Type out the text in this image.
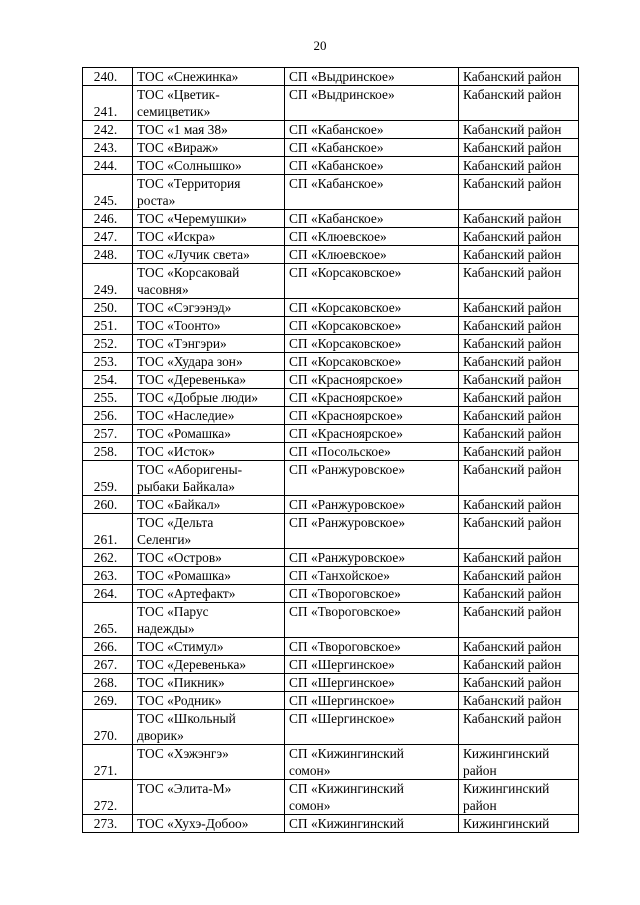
20
240.	ТОС «Снежинка»	СП «Выдринское»	Кабанский район
241.	ТОС «Цветик-
семицветик»	СП «Выдринское»	Кабанский район
242.	ТОС «1 мая 38»	СП «Кабанское»	Кабанский район
243.	ТОС «Вираж»	СП «Кабанское»	Кабанский район
244.	ТОС «Солнышко»	СП «Кабанское»	Кабанский район
245.	ТОС «Территория
роста»	СП «Кабанское»	Кабанский район
246.	ТОС «Черемушки»	СП «Кабанское»	Кабанский район
247.	ТОС «Искра»	СП «Клюевское»	Кабанский район
248.	ТОС «Лучик света»	СП «Клюевское»	Кабанский район
249.	ТОС «Корсаковай
часовня»	СП «Корсаковское»	Кабанский район
250.	ТОС «Сэгээнэд»	СП «Корсаковское»	Кабанский район
251.	ТОС «Тоонто»	СП «Корсаковское»	Кабанский район
252.	ТОС «Тэнгэри»	СП «Корсаковское»	Кабанский район
253.	ТОС «Худара зон»	СП «Корсаковское»	Кабанский район
254.	ТОС «Деревенька»	СП «Красноярское»	Кабанский район
255.	ТОС «Добрые люди»	СП «Красноярское»	Кабанский район
256.	ТОС «Наследие»	СП «Красноярское»	Кабанский район
257.	ТОС «Ромашка»	СП «Красноярское»	Кабанский район
258.	ТОС «Исток»	СП «Посольское»	Кабанский район
259.	ТОС «Аборигены-
рыбаки Байкала»	СП «Ранжуровское»	Кабанский район
260.	ТОС «Байкал»	СП «Ранжуровское»	Кабанский район
261.	ТОС «Дельта
Селенги»	СП «Ранжуровское»	Кабанский район
262.	ТОС «Остров»	СП «Ранжуровское»	Кабанский район
263.	ТОС «Ромашка»	СП «Танхойское»	Кабанский район
264.	ТОС «Артефакт»	СП «Твороговское»	Кабанский район
265.	ТОС «Парус
надежды»	СП «Твороговское»	Кабанский район
266.	ТОС «Стимул»	СП «Твороговское»	Кабанский район
267.	ТОС «Деревенька»	СП «Шергинское»	Кабанский район
268.	ТОС «Пикник»	СП «Шергинское»	Кабанский район
269.	ТОС «Родник»	СП «Шергинское»	Кабанский район
270.	ТОС «Школьный
дворик»	СП «Шергинское»	Кабанский район
271.	ТОС «Хэжэнгэ»	СП «Кижингинский
сомон»	Кижингинский
район
272.	ТОС «Элита-М»	СП «Кижингинский
сомон»	Кижингинский
район
273.	ТОС «Хухэ-Добоо»	СП «Кижингинский	Кижингинский
